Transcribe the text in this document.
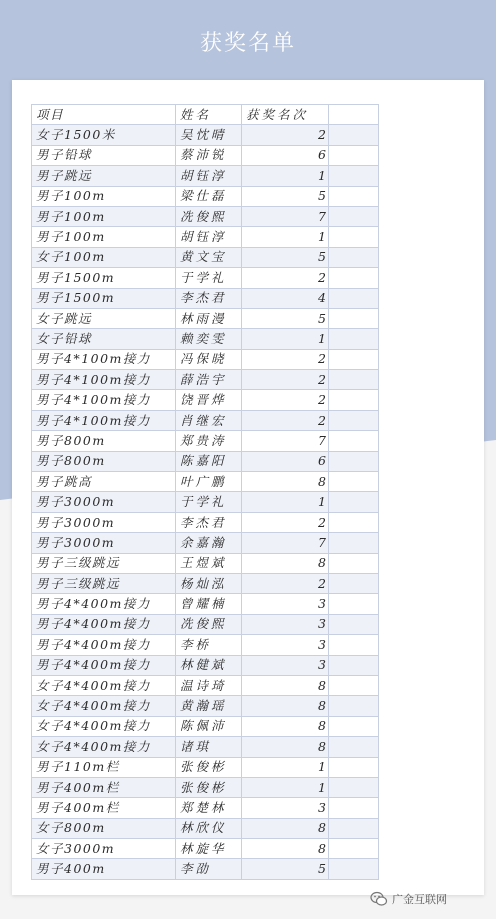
获奖名单
项目	姓名	获奖名次	
女子1500米	吴忱晴	2	
男子铅球	蔡沛锐	6	
男子跳远	胡钰淳	1	
男子100m	梁仕磊	5	
男子100m	冼俊熙	7	
男子100m	胡钰淳	1	
女子100m	黄文宝	5	
男子1500m	于学礼	2	
男子1500m	李杰君	4	
女子跳远	林雨漫	5	
女子铅球	赖奕雯	1	
男子4*100m接力	冯保晓	2	
男子4*100m接力	薛浩宇	2	
男子4*100m接力	饶晋烨	2	
男子4*100m接力	肖继宏	2	
男子800m	郑贵涛	7	
男子800m	陈嘉阳	6	
男子跳高	叶广鹏	8	
男子3000m	于学礼	1	
男子3000m	李杰君	2	
男子3000m	余嘉瀚	7	
男子三级跳远	王煜斌	8	
男子三级跳远	杨灿泓	2	
男子4*400m接力	曾耀楠	3	
男子4*400m接力	冼俊熙	3	
男子4*400m接力	李桥	3	
男子4*400m接力	林健斌	3	
女子4*400m接力	温诗琦	8	
女子4*400m接力	黄瀚瑶	8	
女子4*400m接力	陈佩沛	8	
女子4*400m接力	诸琪	8	
男子110m栏	张俊彬	1	
男子400m栏	张俊彬	1	
男子400m栏	郑楚林	3	
女子800m	林欣仪	8	
女子3000m	林旋华	8	
男子400m	李劭	5	
广金互联网
